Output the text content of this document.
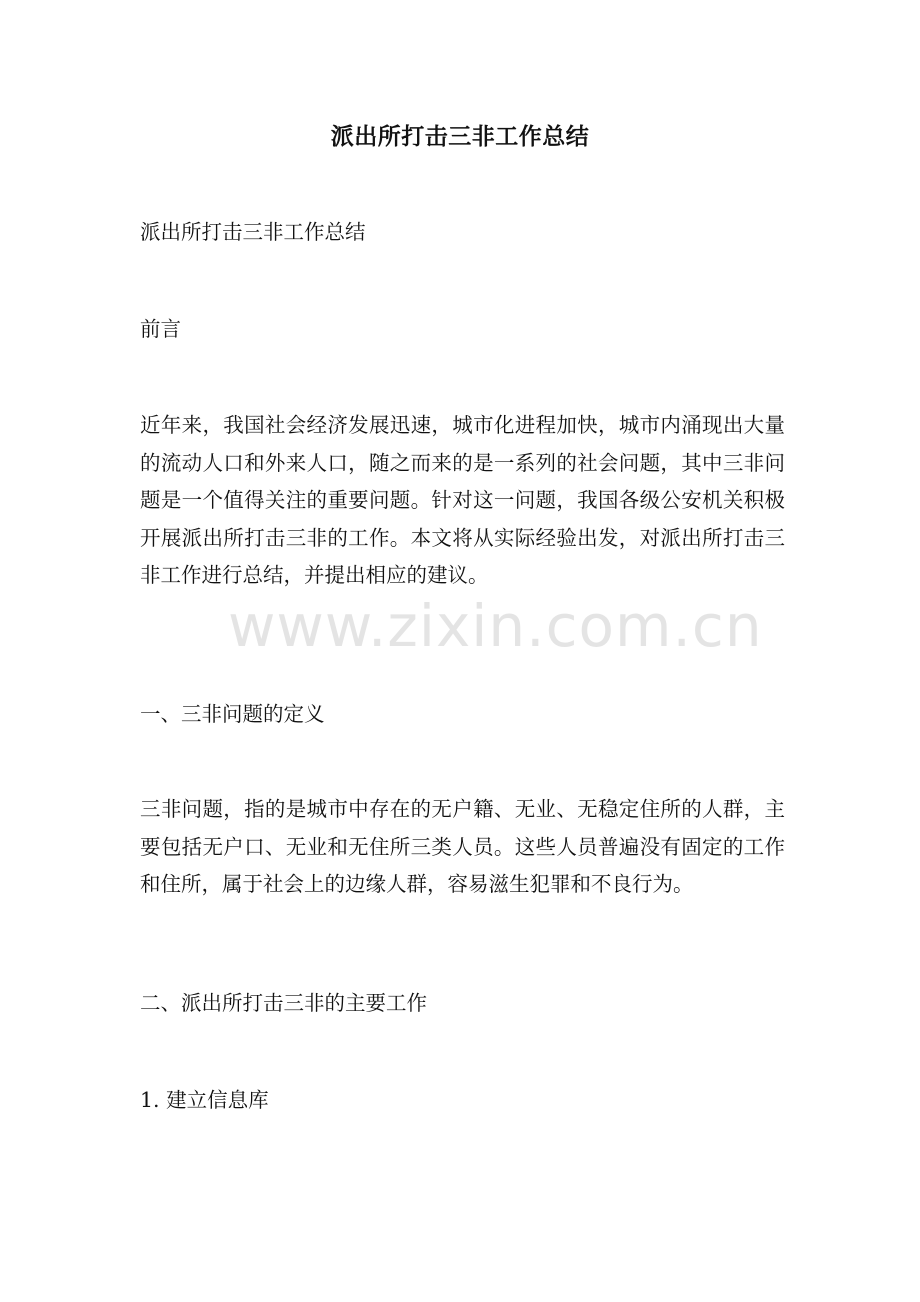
派出所打击三非工作总结
派出所打击三非工作总结
前言
近年来，我国社会经济发展迅速，城市化进程加快，城市内涌现出大量的流动人口和外来人口，随之而来的是一系列的社会问题，其中三非问题是一个值得关注的重要问题。针对这一问题，我国各级公安机关积极开展派出所打击三非的工作。本文将从实际经验出发，对派出所打击三非工作进行总结，并提出相应的建议。
www.zixin.com.cn
一、三非问题的定义
三非问题，指的是城市中存在的无户籍、无业、无稳定住所的人群，主要包括无户口、无业和无住所三类人员。这些人员普遍没有固定的工作和住所，属于社会上的边缘人群，容易滋生犯罪和不良行为。
二、派出所打击三非的主要工作
1. 建立信息库
